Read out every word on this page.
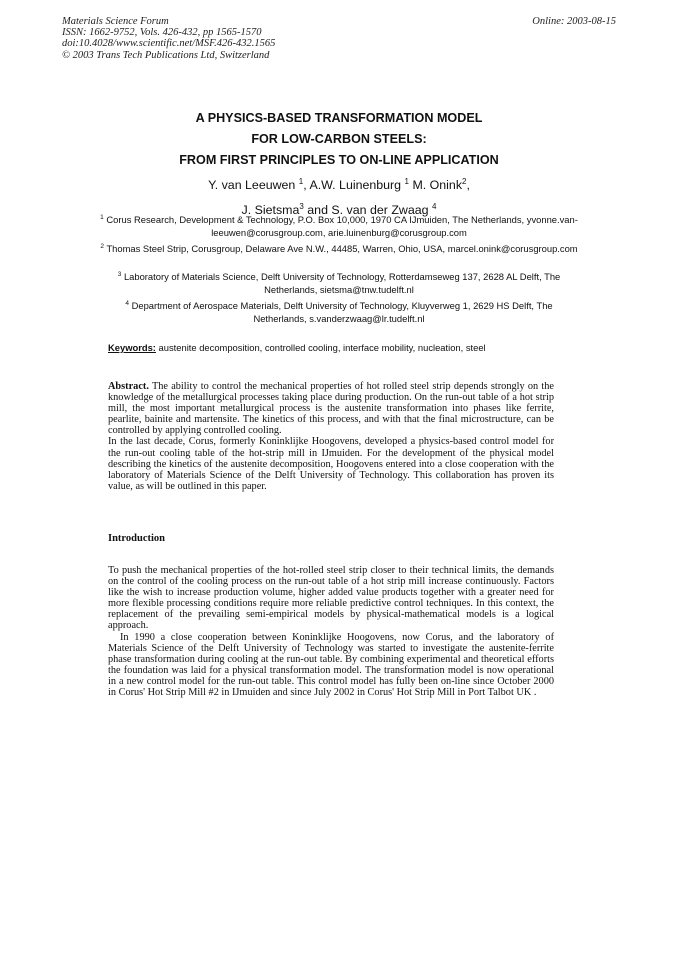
Materials Science Forum
ISSN: 1662-9752, Vols. 426-432, pp 1565-1570
doi:10.4028/www.scientific.net/MSF.426-432.1565
© 2003 Trans Tech Publications Ltd, Switzerland
Online: 2003-08-15
A PHYSICS-BASED TRANSFORMATION MODEL
FOR LOW-CARBON STEELS:
FROM FIRST PRINCIPLES TO ON-LINE APPLICATION
Y. van Leeuwen $^1$, A.W. Luinenburg $^1$ M. Onink$^2$,
J. Sietsma$^3$ and S. van der Zwaag $^4$
$^1$ Corus Research, Development & Technology, P.O. Box 10,000, 1970 CA IJmuiden, The Netherlands, yvonne.van-leeuwen@corusgroup.com, arie.luinenburg@corusgroup.com
$^2$ Thomas Steel Strip, Corusgroup, Delaware Ave N.W., 44485, Warren, Ohio, USA, marcel.onink@corusgroup.com
$^3$ Laboratory of Materials Science, Delft University of Technology, Rotterdamseweg 137, 2628 AL Delft, The Netherlands, sietsma@tnw.tudelft.nl
$^4$ Department of Aerospace Materials, Delft University of Technology, Kluyverweg 1, 2629 HS Delft, The Netherlands, s.vanderzwaag@lr.tudelft.nl
Keywords: austenite decomposition, controlled cooling, interface mobility, nucleation, steel
Abstract. The ability to control the mechanical properties of hot rolled steel strip depends strongly on the knowledge of the metallurgical processes taking place during production. On the run-out table of a hot strip mill, the most important metallurgical process is the austenite transformation into phases like ferrite, pearlite, bainite and martensite. The kinetics of this process, and with that the final microstructure, can be controlled by applying controlled cooling.
In the last decade, Corus, formerly Koninklijke Hoogovens, developed a physics-based control model for the run-out cooling table of the hot-strip mill in IJmuiden. For the development of the physical model describing the kinetics of the austenite decomposition, Hoogovens entered into a close cooperation with the laboratory of Materials Science of the Delft University of Technology. This collaboration has proven its value, as will be outlined in this paper.
Introduction

To push the mechanical properties of the hot-rolled steel strip closer to their technical limits, the demands on the control of the cooling process on the run-out table of a hot strip mill increase continuously. Factors like the wish to increase production volume, higher added value products together with a greater need for more flexible processing conditions require more reliable predictive control techniques. In this context, the replacement of the prevailing semi-empirical models by physical-mathematical models is a logical approach.

In 1990 a close cooperation between Koninklijke Hoogovens, now Corus, and the laboratory of Materials Science of the Delft University of Technology was started to investigate the austenite-ferrite phase transformation during cooling at the run-out table. By combining experimental and theoretical efforts the foundation was laid for a physical transformation model. The transformation model is now operational in a new control model for the run-out table. This control model has fully been on-line since October 2000 in Corus' Hot Strip Mill #2 in IJmuiden and since July 2002 in Corus' Hot Strip Mill in Port Talbot UK .
